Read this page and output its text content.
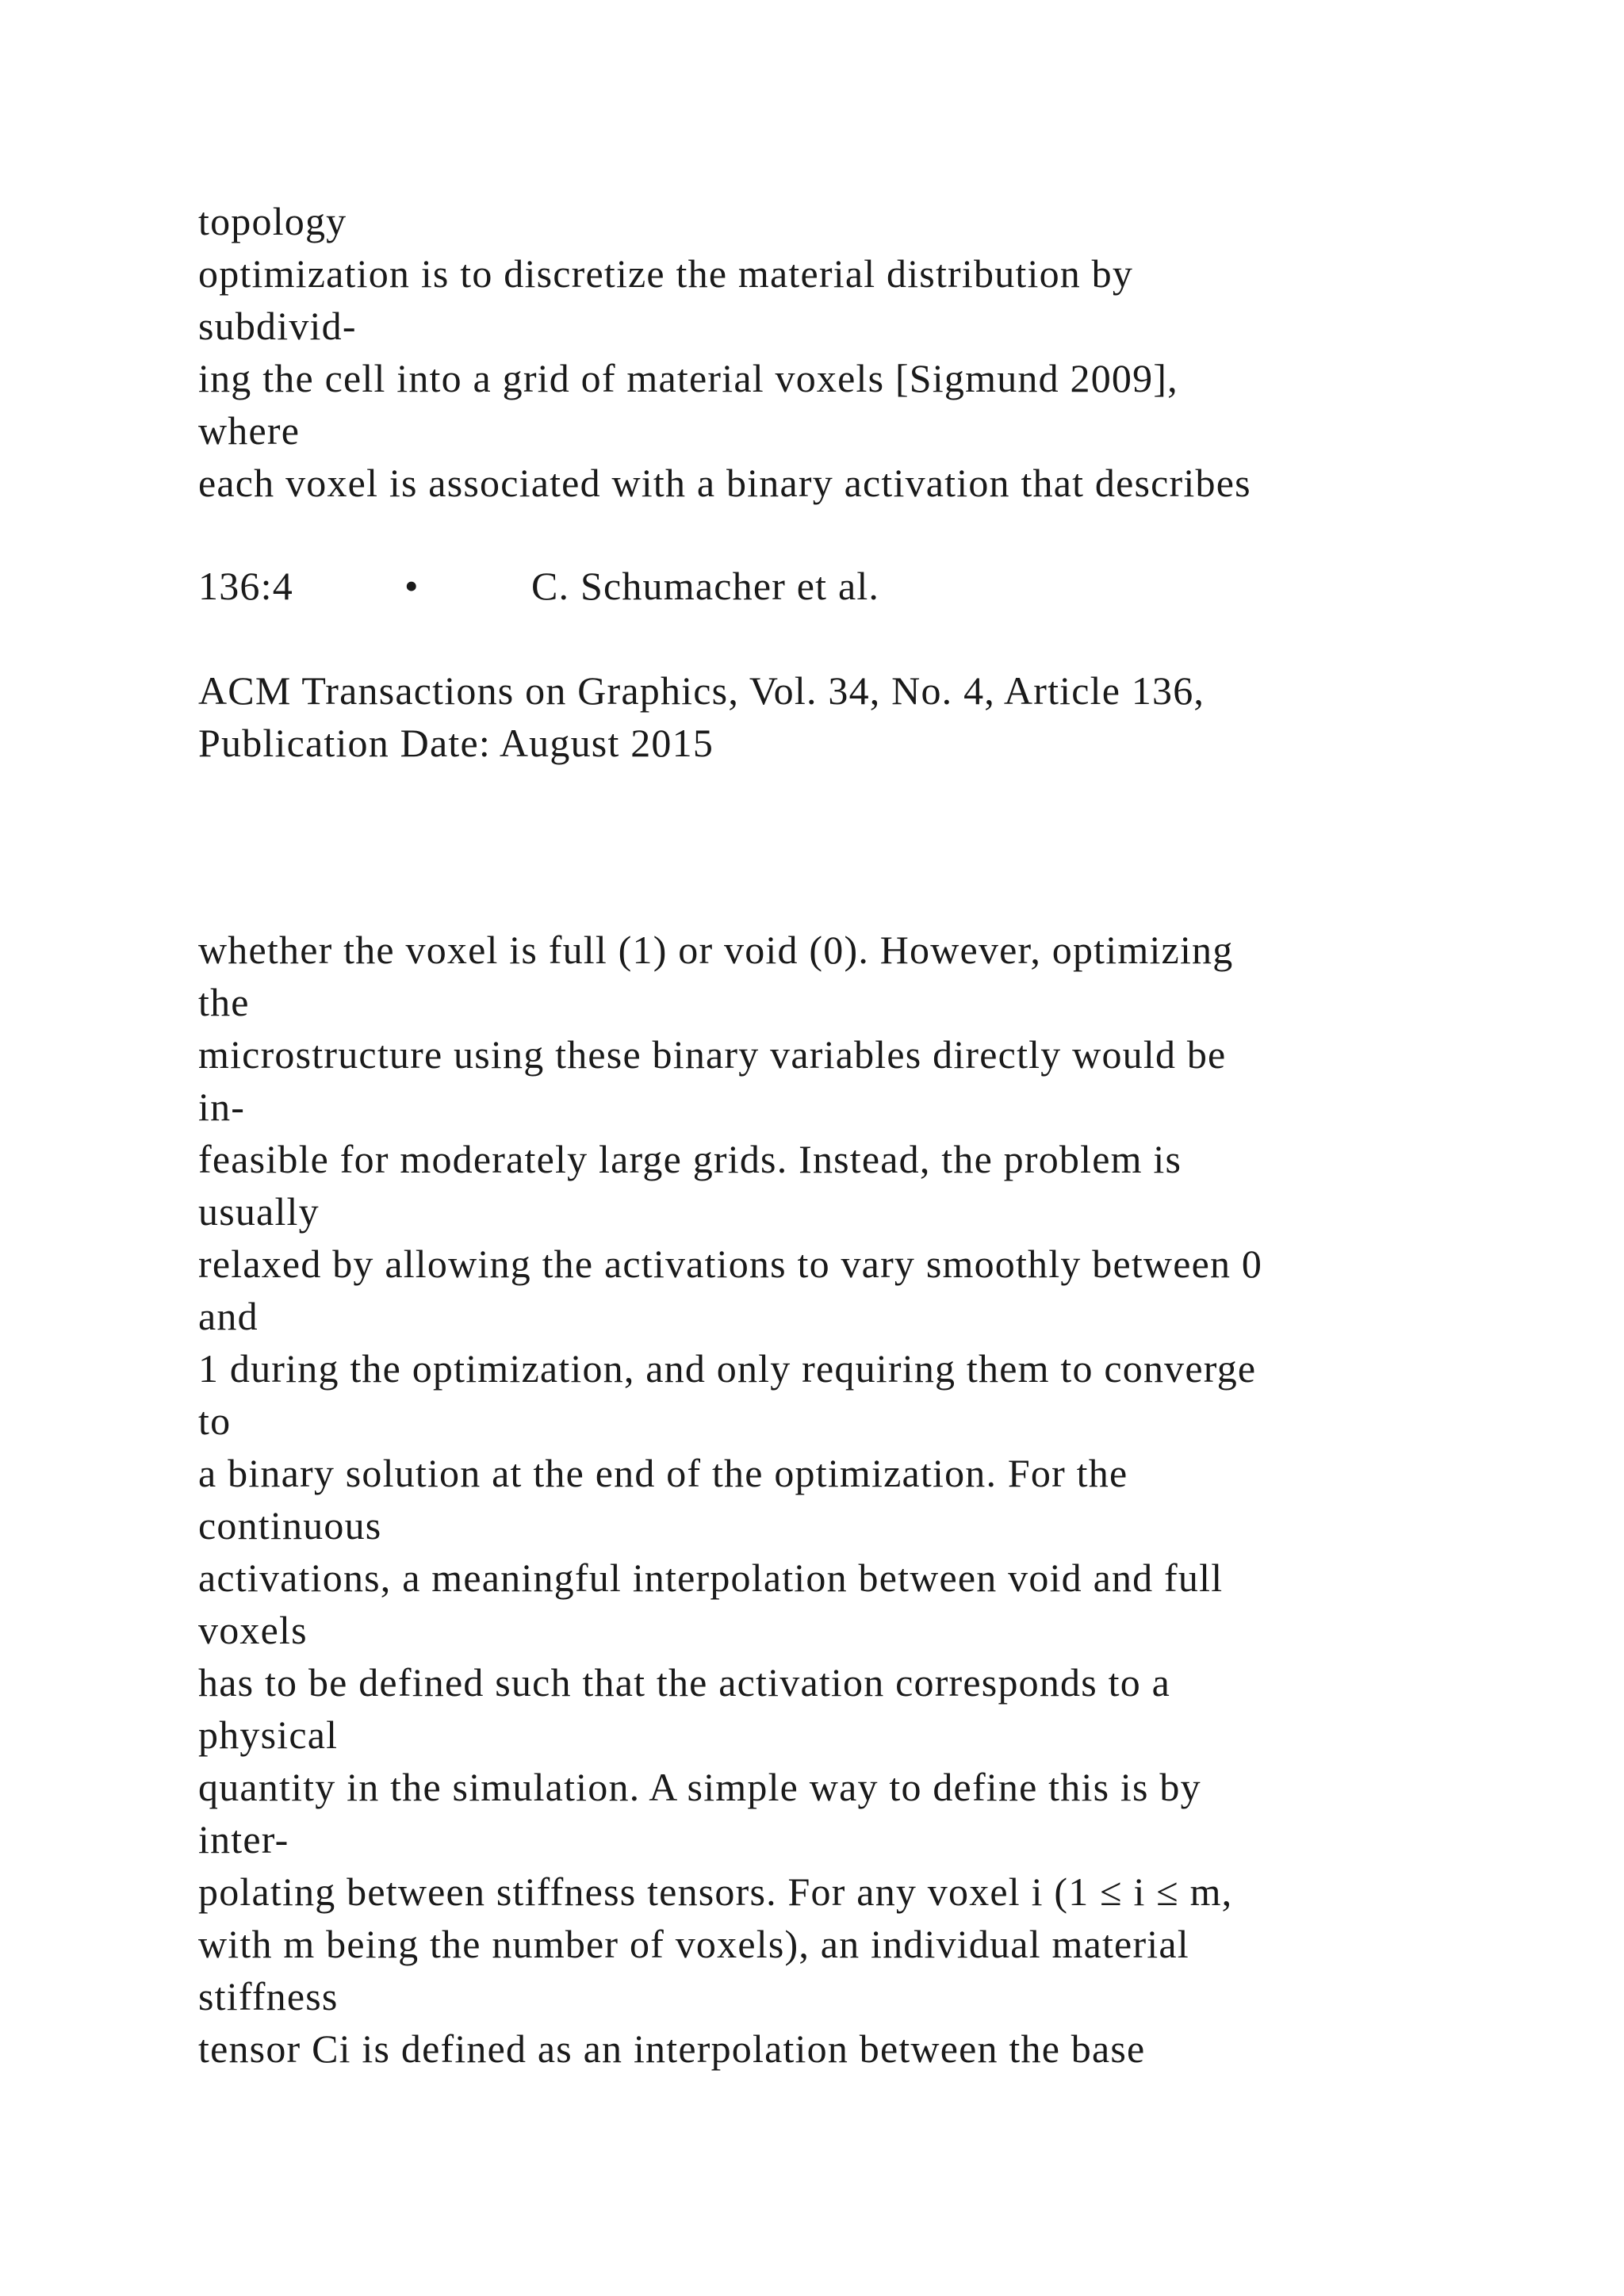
topology
optimization is to discretize the material distribution by
subdivid-
ing the cell into a grid of material voxels [Sigmund 2009],
where
each voxel is associated with a binary activation that describes
136:4	•	C. Schumacher et al.
ACM Transactions on Graphics, Vol. 34, No. 4, Article 136,
Publication Date: August 2015
whether the voxel is full (1) or void (0). However, optimizing
the
microstructure using these binary variables directly would be
in-
feasible for moderately large grids. Instead, the problem is
usually
relaxed by allowing the activations to vary smoothly between 0
and
1 during the optimization, and only requiring them to converge
to
a binary solution at the end of the optimization. For the
continuous
activations, a meaningful interpolation between void and full
voxels
has to be defined such that the activation corresponds to a
physical
quantity in the simulation. A simple way to define this is by
inter-
polating between stiffness tensors. For any voxel i (1 ≤ i ≤ m,
with m being the number of voxels), an individual material
stiffness
tensor Ci is defined as an interpolation between the base
